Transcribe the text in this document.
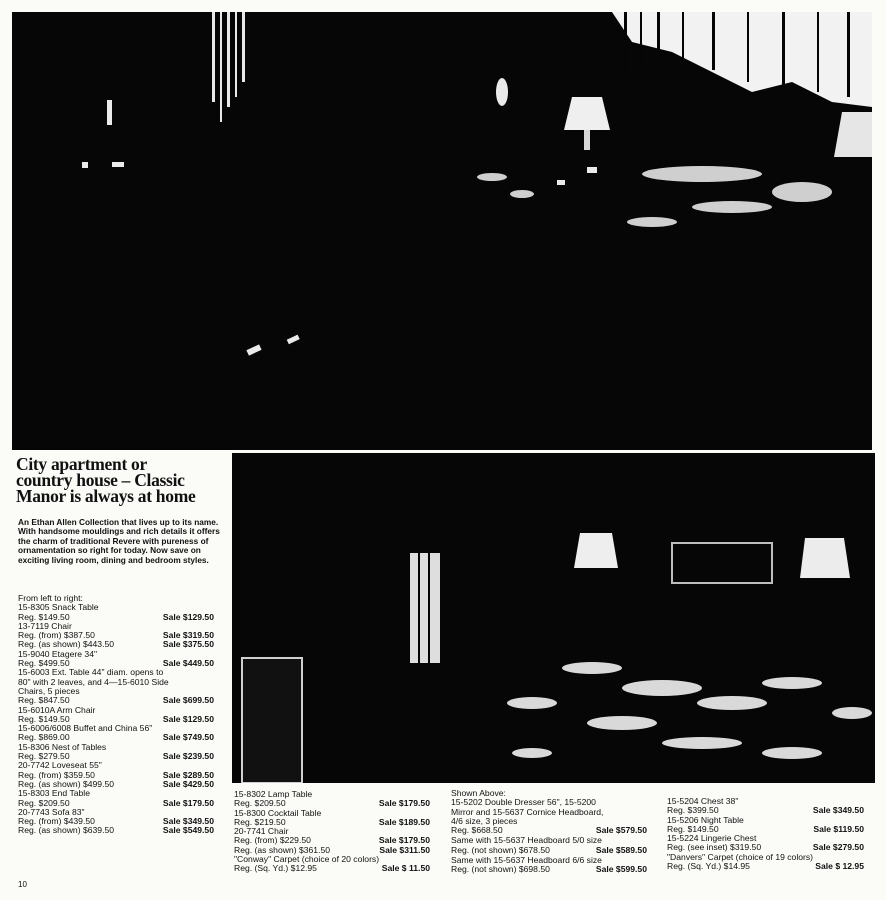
City apartment or
country house – Classic
Manor is always at home
An Ethan Allen Collection that lives up to its name. With handsome mouldings and rich details it offers the charm of traditional Revere with pureness of ornamentation so right for today. Now save on exciting living room, dining and bedroom styles.
From left to right:
15-8305 Snack Table
Reg. $149.50	Sale $129.50
13-7119 Chair
Reg. (from) $387.50	Sale $319.50
Reg. (as shown) $443.50	Sale $375.50
15-9040 Etagere 34"
Reg. $499.50	Sale $449.50
15-6003 Ext. Table 44" diam. opens to
80" with 2 leaves, and 4—15-6010 Side
Chairs, 5 pieces
Reg. $847.50	Sale $699.50
15-6010A Arm Chair
Reg. $149.50	Sale $129.50
15-6006/6008 Buffet and China 56"
Reg. $869.00	Sale $749.50
15-8306 Nest of Tables
Reg. $279.50	Sale $239.50
20-7742 Loveseat 55"
Reg. (from) $359.50	Sale $289.50
Reg. (as shown) $499.50	Sale $429.50
15-8303 End Table
Reg. $209.50	Sale $179.50
20-7743 Sofa 83"
Reg. (from) $439.50	Sale $349.50
Reg. (as shown) $639.50	Sale $549.50
15-8302 Lamp Table
Reg. $209.50	Sale $179.50
15-8300 Cocktail Table
Reg. $219.50	Sale $189.50
20-7741 Chair
Reg. (from) $229.50	Sale $179.50
Reg. (as shown) $361.50	Sale $311.50
"Conway" Carpet (choice of 20 colors)
Reg. (Sq. Yd.) $12.95	Sale $ 11.50
Shown Above:
15-5202 Double Dresser 56", 15-5200
Mirror and 15-5637 Cornice Headboard,
4/6 size, 3 pieces
Reg. $668.50	Sale $579.50
Same with 15-5637 Headboard 5/0 size
Reg. (not shown) $678.50	Sale $589.50
Same with 15-5637 Headboard 6/6 size
Reg. (not shown) $698.50	Sale $599.50
15-5204 Chest 38"
Reg. $399.50	Sale $349.50
15-5206 Night Table
Reg. $149.50	Sale $119.50
15-5224 Lingerie Chest
Reg. (see inset) $319.50	Sale $279.50
"Danvers" Carpet (choice of 19 colors)
Reg. (Sq. Yd.) $14.95	Sale $ 12.95
10
